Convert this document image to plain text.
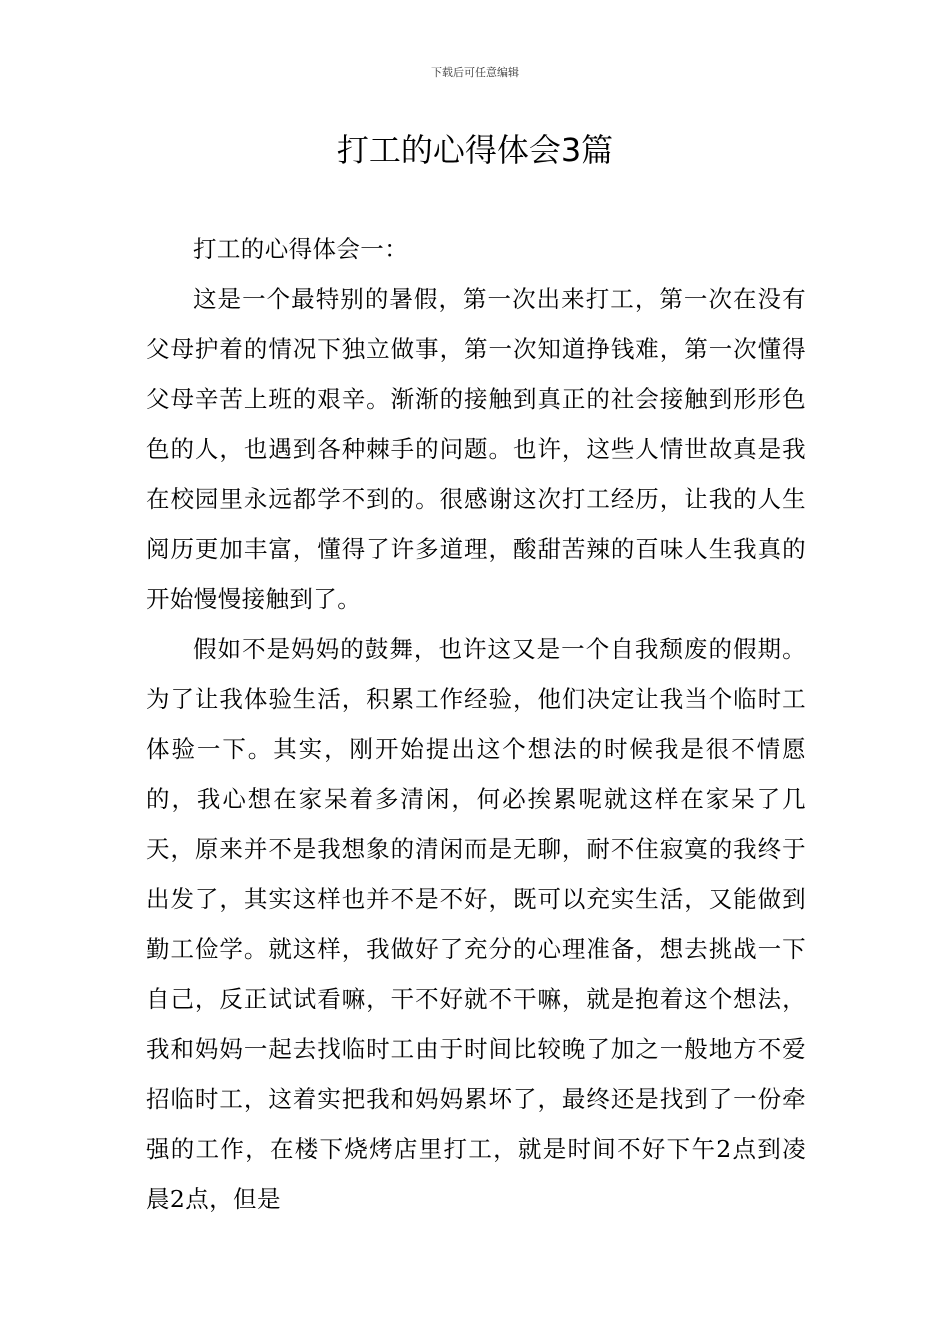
下载后可任意编辑
打工的心得体会3篇

打工的心得体会一：

这是一个最特别的暑假，第一次出来打工，第一次在没有父母护着的情况下独立做事，第一次知道挣钱难，第一次懂得父母辛苦上班的艰辛。渐渐的接触到真正的社会接触到形形色色的人，也遇到各种棘手的问题。也许，这些人情世故真是我在校园里永远都学不到的。很感谢这次打工经历，让我的人生阅历更加丰富，懂得了许多道理，酸甜苦辣的百味人生我真的开始慢慢接触到了。

假如不是妈妈的鼓舞，也许这又是一个自我颓废的假期。为了让我体验生活，积累工作经验，他们决定让我当个临时工体验一下。其实，刚开始提出这个想法的时候我是很不情愿的，我心想在家呆着多清闲，何必挨累呢就这样在家呆了几天，原来并不是我想象的清闲而是无聊，耐不住寂寞的我终于出发了，其实这样也并不是不好，既可以充实生活，又能做到勤工俭学。就这样，我做好了充分的心理准备，想去挑战一下自己，反正试试看嘛，干不好就不干嘛，就是抱着这个想法，我和妈妈一起去找临时工由于时间比较晚了加之一般地方不爱招临时工，这着实把我和妈妈累坏了，最终还是找到了一份牵强的工作，在楼下烧烤店里打工，就是时间不好下午2点到凌晨2点，但是
